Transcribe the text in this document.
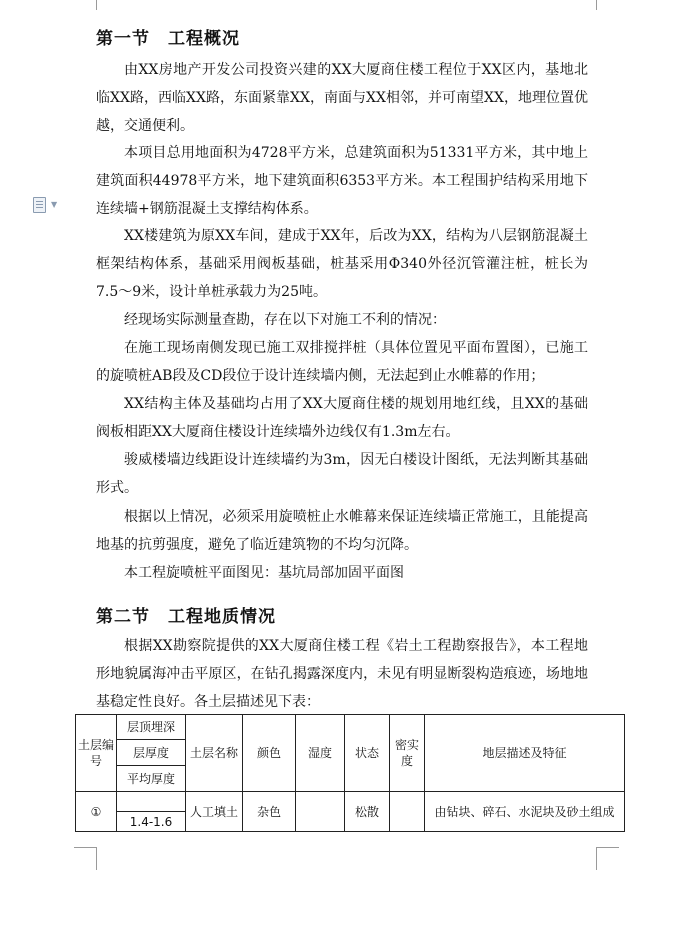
▼
第一节　工程概况
由XX房地产开发公司投资兴建的XX大厦商住楼工程位于XX区内，基地北临XX路，西临XX路，东面紧靠XX，南面与XX相邻，并可南望XX，地理位置优越，交通便利。
本项目总用地面积为4728平方米，总建筑面积为51331平方米，其中地上建筑面积44978平方米，地下建筑面积6353平方米。本工程围护结构采用地下连续墙+钢筋混凝土支撑结构体系。
XX楼建筑为原XX车间，建成于XX年，后改为XX，结构为八层钢筋混凝土框架结构体系，基础采用阀板基础，桩基采用Φ340外径沉管灌注桩，桩长为7.5～9米，设计单桩承载力为25吨。
经现场实际测量查勘，存在以下对施工不利的情况：
在施工现场南侧发现已施工双排搅拌桩（具体位置见平面布置图），已施工的旋喷桩AB段及CD段位于设计连续墙内侧，无法起到止水帷幕的作用；
XX结构主体及基础均占用了XX大厦商住楼的规划用地红线，且XX的基础阀板相距XX大厦商住楼设计连续墙外边线仅有1.3m左右。
骏威楼墙边线距设计连续墙约为3m，因无白楼设计图纸，无法判断其基础形式。
根据以上情况，必须采用旋喷桩止水帷幕来保证连续墙正常施工，且能提高地基的抗剪强度，避免了临近建筑物的不均匀沉降。
本工程旋喷桩平面图见：基坑局部加固平面图
第二节　工程地质情况
根据XX勘察院提供的XX大厦商住楼工程《岩土工程勘察报告》，本工程地形地貌属海冲击平原区，在钻孔揭露深度内，未见有明显断裂构造痕迹，场地地基稳定性良好。各土层描述见下表：
土层编号	层顶埋深	土层名称	颜色	湿度	状态	密实度	地层描述及特征
	层厚度						
	平均厚度						
①		人工填土	杂色		松散		由钻块、碎石、水泥块及砂土组成
	1.4-1.6						
